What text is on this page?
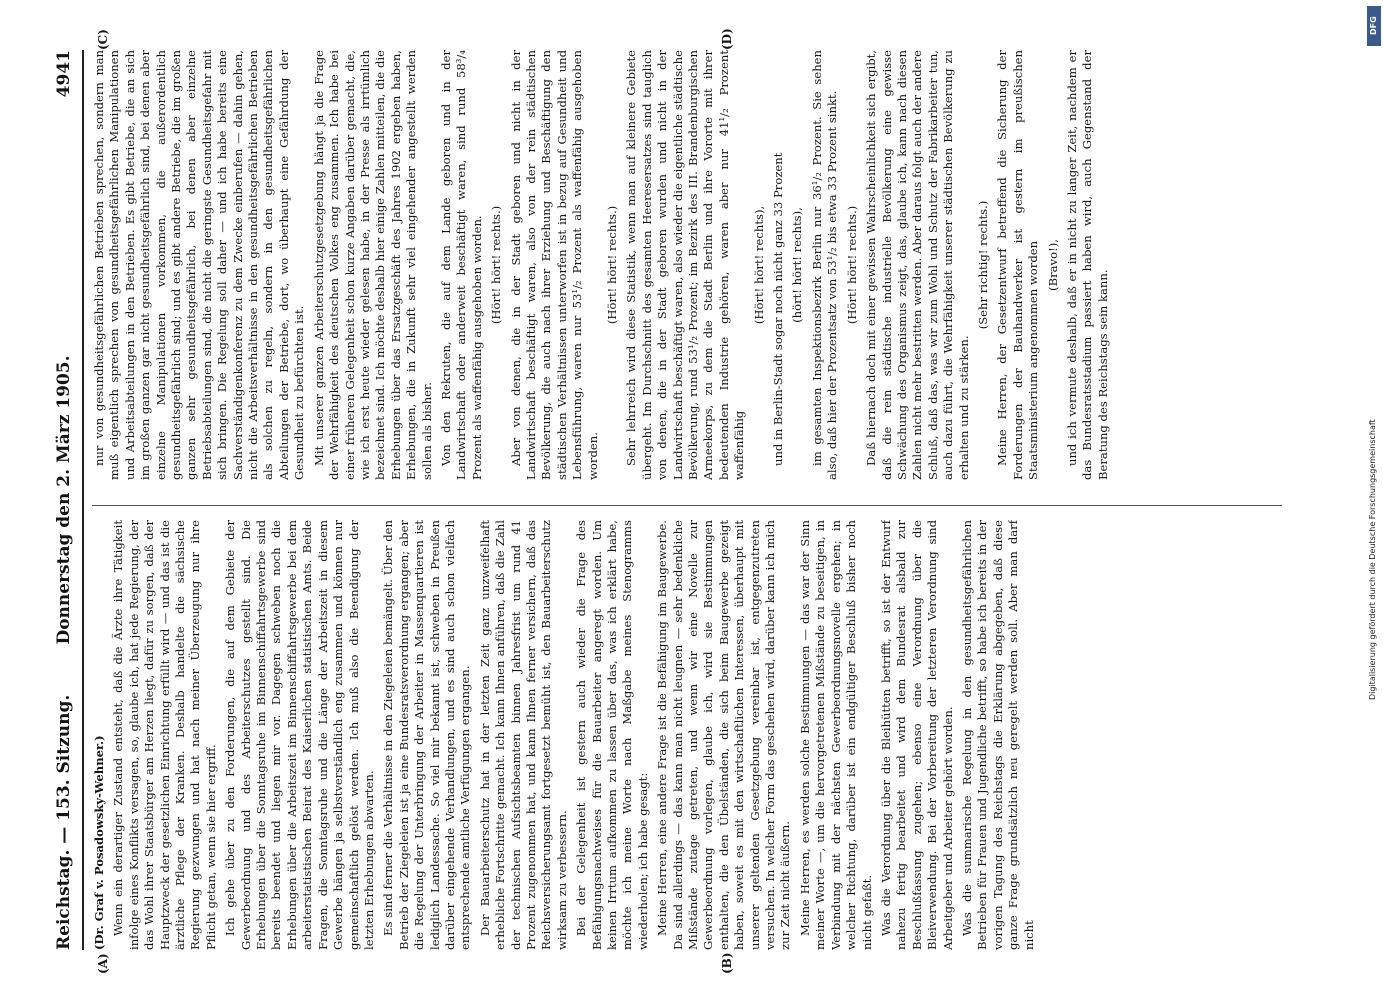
Reichstag. — 153. Sitzung.
Donnerstag den 2. März 1905.
4941

(Dr. Graf v. Posadowsky-Wehner.) Wenn ein derartiger Zustand entsteht, daß die Ärzte ihre Tätigkeit infolge eines Konflikts versagen, so, glaube ich, hat jede Regierung, der das Wohl ihrer Staatsbürger am Herzen liegt, dafür zu sorgen, daß der Hauptzweck der gesetzlichen Einrichtung erfüllt wird — und das ist die ärztliche Pflege der Kranken. Deshalb handelte die sächsische Regierung gezwungen und hat nach meiner Überzeugung nur ihre Pflicht getan, wenn sie hier ergriff. Ich gehe über zu den Forderungen, die auf dem Gebiete der Gewerbeordnung und des Arbeiterschutzes gestellt sind. Die Erhebungen über die Sonntagsruhe im Binnenschiffahrtsgewerbe sind bereits beendet und liegen mir vor. Dagegen schweben noch die Erhebungen über die Arbeitszeit im Binnenschiffahrtsgewerbe bei dem arbeiterstatistischen Beirat des Kaiserlichen statistischen Amts. Beide Fragen, die Sonntagsruhe und die Länge der Arbeitszeit in diesem Gewerbe hängen ja selbstverständlich eng zusammen und können nur gemeinschaftlich gelöst werden. Ich muß also die Beendigung der letzten Erhebungen abwarten. Es sind ferner die Verhältnisse in den Ziegeleien bemängelt. Über den Betrieb der Ziegeleien ist ja eine Bundesratsverordnung ergangen; aber die Regelung der Unterbringung der Arbeiter in Massenquartieren ist lediglich Landessache. So viel mir bekannt ist, schweben in Preußen darüber eingehende Verhandlungen, und es sind auch schon vielfach entsprechende amtliche Verfügungen ergangen. Der Bauarbeiterschutz hat in der letzten Zeit ganz unzweifelhaft erhebliche Fortschritte gemacht. Ich kann Ihnen anführen, daß die Zahl der technischen Aufsichtsbeamten binnen Jahresfrist um rund 41 Prozent zugenommen hat, und kann Ihnen ferner versichern, daß das Reichsversicherungsamt fortgesetzt bemüht ist, den Bauarbeiterschutz wirksam zu verbessern. Bei der Gelegenheit ist gestern auch wieder die Frage des Befähigungsnachweises für die Bauarbeiter angeregt worden. Um keinen Irrtum aufkommen zu lassen über das, was ich erklärt habe, möchte ich meine Worte nach Maßgabe meines Stenogramms wiederholen; ich habe gesagt: Meine Herren, eine andere Frage ist die Befähigung im Baugewerbe. Da sind allerdings — das kann man nicht leugnen — sehr bedenkliche Mißstände zutage getreten, und wenn wir eine Novelle zur Gewerbeordnung vorlegen, glaube ich, wird sie Bestimmungen enthalten, die den Übelständen, die sich beim Baugewerbe gezeigt haben, soweit es mit den wirtschaftlichen Interessen, überhaupt mit unserer geltenden Gesetzgebung vereinbar ist, entgegenzutreten versuchen. In welcher Form das geschehen wird, darüber kann ich mich zur Zeit nicht äußern. Meine Herren, es werden solche Bestimmungen — das war der Sinn meiner Worte —, um die hervorgetretenen Mißstände zu beseitigen, in Verbindung mit der nächsten Gewerbeordnungsnovelle ergehen; in welcher Richtung, darüber ist ein endgültiger Beschluß bisher noch nicht gefaßt. Was die Verordnung über die Bleihütten betrifft, so ist der Entwurf nahezu fertig bearbeitet und wird dem Bundesrat alsbald zur Beschlußfassung zugehen; ebenso eine Verordnung über die Bleiverwendung. Bei der Vorbereitung der letzteren Verordnung sind Arbeitgeber und Arbeiter gehört worden. Was die summarische Regelung in den gesundheitsgefährlichen Betrieben für Frauen und Jugendliche betrifft, so habe ich bereits in der vorigen Tagung des Reichstags die Erklärung abgegeben, daß diese ganze Frage grundsätzlich neu geregelt werden soll. Aber man darf nicht

nur von gesundheitsgefährlichen Betrieben sprechen, sondern man muß eigentlich sprechen von gesundheitsgefährlichen Manipulationen und Arbeitsabteilungen in den Betrieben. Es gibt Betriebe, die an sich im großen ganzen gar nicht gesundheitsgefährlich sind, bei denen aber einzelne Manipulationen vorkommen, die außerordentlich gesundheitsgefährlich sind; und es gibt andere Betriebe, die im großen ganzen sehr gesundheitsgefährlich, bei denen aber einzelne Betriebsabteilungen sind, die nicht die geringste Gesundheitsgefahr mit sich bringen. Die Regelung soll daher — und ich habe bereits eine Sachverständigenkonferenz zu dem Zwecke einberufen — dahin gehen, nicht die Arbeitsverhältnisse in den gesundheitsgefährlichen Betrieben als solchen zu regeln, sondern in den gesundheitsgefährlichen Abteilungen der Betriebe, dort, wo überhaupt eine Gefährdung der Gesundheit zu befürchten ist. Mit unserer ganzen Arbeiterschutzgesetzgebung hängt ja die Frage der Wehrfähigkeit des deutschen Volkes eng zusammen. Ich habe bei einer früheren Gelegenheit schon kurze Angaben darüber gemacht, die, wie ich erst heute wieder gelesen habe, in der Presse als irrtümlich bezeichnet sind. Ich möchte deshalb hier einige Zahlen mitteilen, die die Erhebungen über das Ersatzgeschäft des Jahres 1902 ergeben haben, Erhebungen, die in Zukunft sehr viel eingehender angestellt werden sollen als bisher. Von den Rekruten, die auf dem Lande geboren und in der Landwirtschaft oder anderweit beschäftigt waren, sind rund 58³/₄ Prozent als waffenfähig ausgehoben worden. (Hört! hört! rechts.) Aber von denen, die in der Stadt geboren und nicht in der Landwirtschaft beschäftigt waren, also von der rein städtischen Bevölkerung, die auch nach ihrer Erziehung und Beschäftigung den städtischen Verhältnissen unterworfen ist in bezug auf Gesundheit und Lebensführung, waren nur 53¹/₂ Prozent als waffenfähig ausgehoben worden.

(Hört! hört! rechts.) Sehr lehrreich wird diese Statistik, wenn man auf kleinere Gebiete übergeht. Im Durchschnitt des gesamten Heeresersatzes sind tauglich von denen, die in der Stadt geboren wurden und nicht in der Landwirtschaft beschäftigt waren, also wieder die eigentliche städtische Bevölkerung, rund 53¹/₂ Prozent; im Bezirk des III. Brandenburgischen Armeekorps, zu dem die Stadt Berlin und ihre Vororte mit ihrer bedeutenden Industrie gehören, waren aber nur 41¹/₂ Prozent waffenfähig

(Hört! hört! rechts), und in Berlin-Stadt sogar noch nicht ganz 33 Prozent (hört! hört! rechts), im gesamten Inspektionsbezirk Berlin nur 36¹/₂ Prozent. Sie sehen also, daß hier der Prozentsatz von 53¹/₂ bis etwa 33 Prozent sinkt. (Hört! hört! rechts.) Daß hiernach doch mit einer gewissen Wahrscheinlichkeit sich ergibt, daß die rein städtische industrielle Bevölkerung eine gewisse Schwächung des Organismus zeigt, das, glaube ich, kann nach diesen Zahlen nicht mehr bestritten werden. Aber daraus folgt auch der andere Schluß, daß das, was wir zum Wohl und Schutz der Fabrikarbeiter tun, auch dazu führt, die Wehrfähigkeit unserer städtischen Bevölkerung zu erhalten und zu stärken.

(Sehr richtig! rechts.) Meine Herren, der Gesetzentwurf betreffend die Sicherung der Forderungen der Bauhandwerker ist gestern im preußischen Staatsministerium angenommen worden (Bravo!), und ich vermute deshalb, daß er in nicht zu langer Zeit, nachdem er das Bundesratsstadium passiert haben wird, auch Gegenstand der Beratung des Reichstags sein kann.

(A)	(B)
(C)	(D)
DFG
Digitalisierung gefördert durch die Deutsche Forschungsgemeinschaft
